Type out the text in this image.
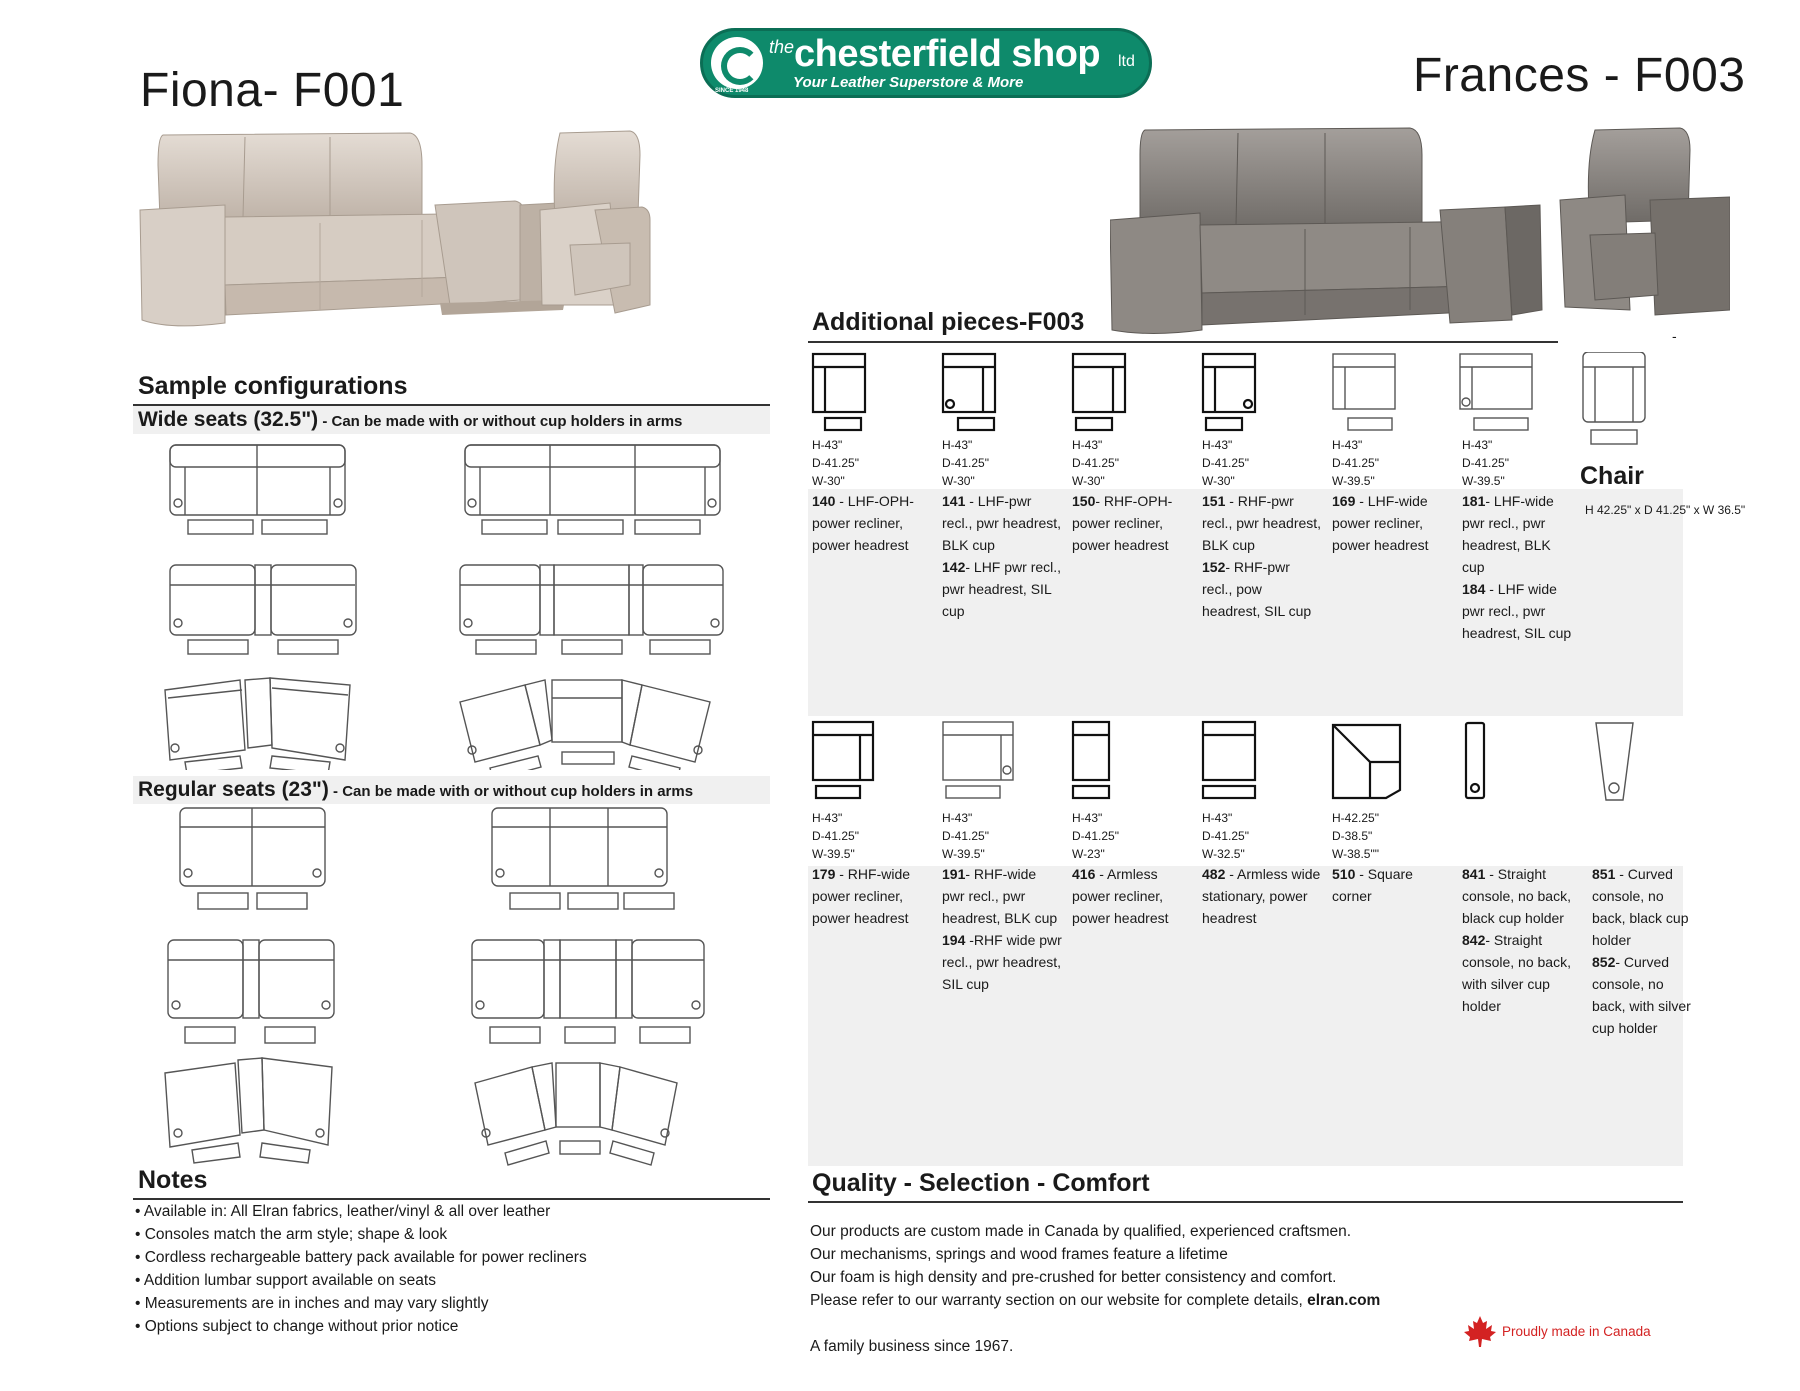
the chesterfield shop ltd
Your Leather Superstore & More
SINCE 1948
Fiona- F001	Frances - F003
Sample configurations
Wide seats (32.5") - Can be made with or without cup holders in arms
Regular seats (23") - Can be made with or without cup holders in arms
Notes
• Available in: All Elran fabrics, leather/vinyl & all over leather
• Consoles match the arm style; shape & look
• Cordless rechargeable battery pack available for power recliners
• Addition lumbar support available on seats
• Measurements are in inches and may vary slightly
• Options subject to change without prior notice
Additional pieces-F003	-
Chair
H 42.25" x D 41.25" x W 36.5"
H-43"
D-41.25"
W-30"
140 - LHF-OPH-power recliner, power headrest
H-43"
D-41.25"
W-30"
141 - LHF-pwr recl., pwr headrest, BLK cup
142- LHF pwr recl., pwr headrest, SIL cup
H-43"
D-41.25"
W-30"
150- RHF-OPH-power recliner, power headrest
H-43"
D-41.25"
W-30"
151 - RHF-pwr recl., pwr headrest, BLK cup
152- RHF-pwr recl., pow headrest, SIL cup
H-43"
D-41.25"
W-39.5"
169 - LHF-wide power recliner, power headrest
H-43"
D-41.25"
W-39.5"
181- LHF-wide pwr recl., pwr headrest, BLK cup
184 - LHF wide pwr recl., pwr headrest, SIL cup
H-43"
D-41.25"
W-39.5"
179 - RHF-wide power recliner, power headrest
H-43"
D-41.25"
W-39.5"
191- RHF-wide pwr recl., pwr headrest, BLK cup
194 -RHF wide pwr recl., pwr headrest, SIL cup
H-43"
D-41.25"
W-23"
416 - Armless power recliner, power headrest
H-43"
D-41.25"
W-32.5"
482 - Armless wide stationary, power headrest
H-42.25"
D-38.5"
W-38.5""
510 - Square corner
841 - Straight console, no back, black cup holder
842- Straight console, no back, with silver cup holder
851 - Curved console, no back, black cup holder
852- Curved console, no back, with silver cup holder
Quality - Selection - Comfort

Our products are custom made in Canada by qualified, experienced craftsmen.

Our mechanisms, springs and wood frames feature a lifetime

Our foam is high density and pre-crushed for better consistency and comfort.

Please refer to our warranty section on our website for complete details, elran.com

A family business since 1967.

Proudly made in Canada
